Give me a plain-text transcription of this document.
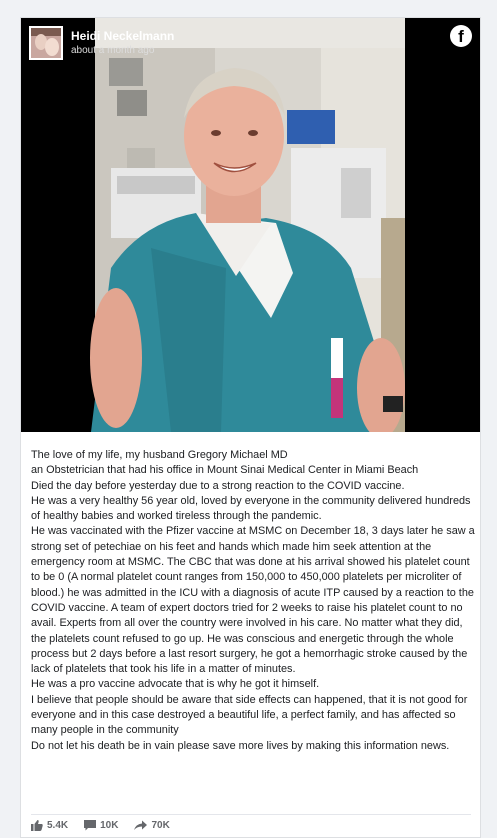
Heidi Neckelmann
about a month ago
f

The love of my life, my husband Gregory Michael MD

an Obstetrician that had his office in Mount Sinai Medical Center in Miami Beach

Died the day before yesterday due to a strong reaction to the COVID vaccine.

He was a very healthy 56 year old, loved by everyone in the community delivered hundreds of healthy babies and worked tireless through the pandemic.

He was vaccinated with the Pfizer vaccine at MSMC on December 18, 3 days later he saw a strong set of petechiae on his feet and hands which made him seek attention at the emergency room at MSMC. The CBC that was done at his arrival showed his platelet count to be 0 (A normal platelet count ranges from 150,000 to 450,000 platelets per microliter of blood.) he was admitted in the ICU with a diagnosis of acute ITP caused by a reaction to the COVID vaccine. A team of expert doctors tried for 2 weeks to raise his platelet count to no avail. Experts from all over the country were involved in his care. No matter what they did, the platelets count refused to go up. He was conscious and energetic through the whole process but 2 days before a last resort surgery, he got a hemorrhagic stroke caused by the lack of platelets that took his life in a matter of minutes.

He was a pro vaccine advocate that is why he got it himself.

I believe that people should be aware that side effects can happened, that it is not good for everyone and in this case destroyed a beautiful life, a perfect family, and has affected so many people in the community

Do not let his death be in vain please save more lives by making this information news.

5.4K	10K	70K
